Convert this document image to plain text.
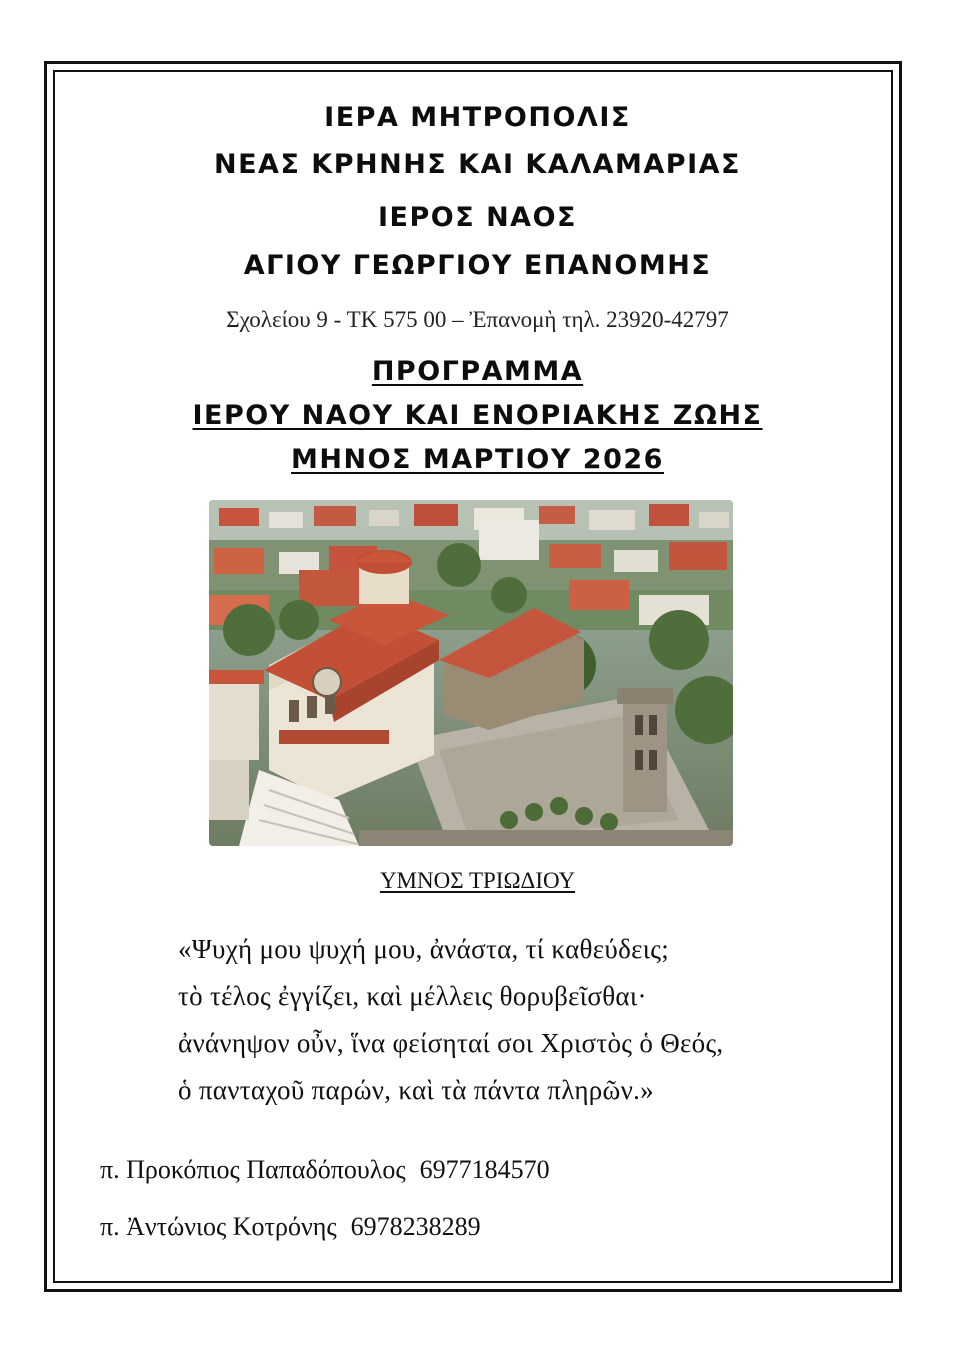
ΙΕΡΑ ΜΗΤΡΟΠΟΛΙΣ
ΝΕΑΣ ΚΡΗΝΗΣ ΚΑΙ ΚΑΛΑΜΑΡΙΑΣ
ΙΕΡΟΣ ΝΑΟΣ
ΑΓΙΟΥ ΓΕΩΡΓΙΟΥ ΕΠΑΝΟΜΗΣ
Σχολείου 9 - ΤΚ 575 00 – Ἐπανομὴ τηλ. 23920-42797
ΠΡΟΓΡΑΜΜΑ
ΙΕΡΟΥ ΝΑΟΥ ΚΑΙ ΕΝΟΡΙΑΚΗΣ ΖΩΗΣ
ΜΗΝΟΣ ΜΑΡΤΙΟΥ 2026
ΥΜΝΟΣ ΤΡΙΩΔΙΟΥ
«Ψυχή μου ψυχή μου, ἀνάστα, τί καθεύδεις;
τὸ τέλος ἐγγίζει, καὶ μέλλεις θορυβεῖσθαι·
ἀνάνηψον οὖν, ἵνα φείσηταί σοι Χριστὸς ὁ Θεός,
ὁ πανταχοῦ παρών, καὶ τὰ πάντα πληρῶν.»
π. Προκόπιος Παπαδόπουλος 6977184570
π. Ἀντώνιος Κοτρόνης 6978238289
